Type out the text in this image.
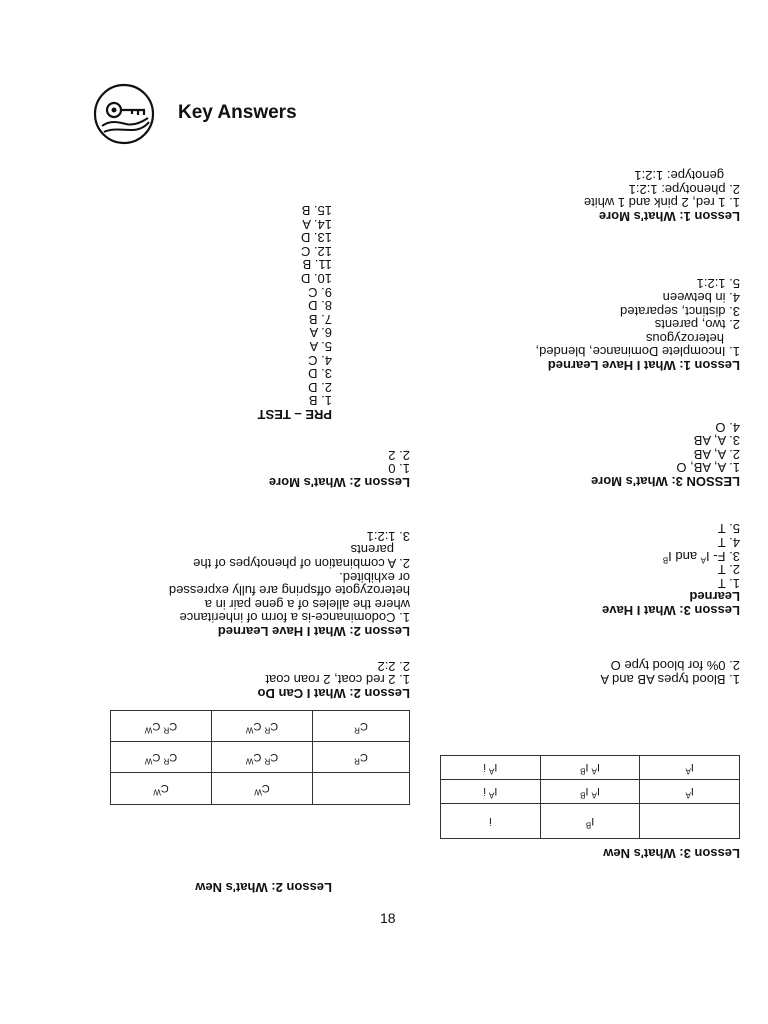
Key Answers
Lesson 2: What's New
	$C^W$	$C^W$
$C^R$	$C^R$ $C^W$	$C^R$ $C^W$
$C^R$	$C^R$ $C^W$	$C^R$ $C^W$
Lesson 2: What I Can Do
1. 2 red coat, 2 roan coat
2. 2:2
Lesson 2: What I Have Learned
1. Codominance-is a form of inheritance
where the alleles of a gene pair in a
heterozygote offspring are fully expressed
or exhibited.
2. A combination of phenotypes of the
parents
3. 1:2:1
Lesson 2: What's More
1. 0
2. 2
PRE – TEST
1. B
2. D
3. D
4. C
5. A
6. A
7. B
8. D
9. C
10. D
11. B
12. C
13. D
14. A
15. B
Lesson 3: What's New
	$I^B$	i
$I^A$	$I^A$ $I^B$	$I^A$ i
$I^A$	$I^A$ $I^B$	$I^A$ i
1. Blood types AB and A
2. 0% for blood type O
Lesson 3: What I Have
Learned
1. T
2. T
3. F- $I^A$ and $I^B$
4. T
5. T
LESSON 3: What's More
1. A, AB, O
2. A, AB
3. A, AB
4. O
Lesson 1: What I Have Learned
1. Incomplete Dominance, blended,
heterozygous
2. two, parents
3. distinct, separated
4. in between
5. 1:2:1
Lesson 1: What's More
1. 1 red, 2 pink and 1 white
2. phenotype: 1:2:1
genotype: 1:2:1
18
